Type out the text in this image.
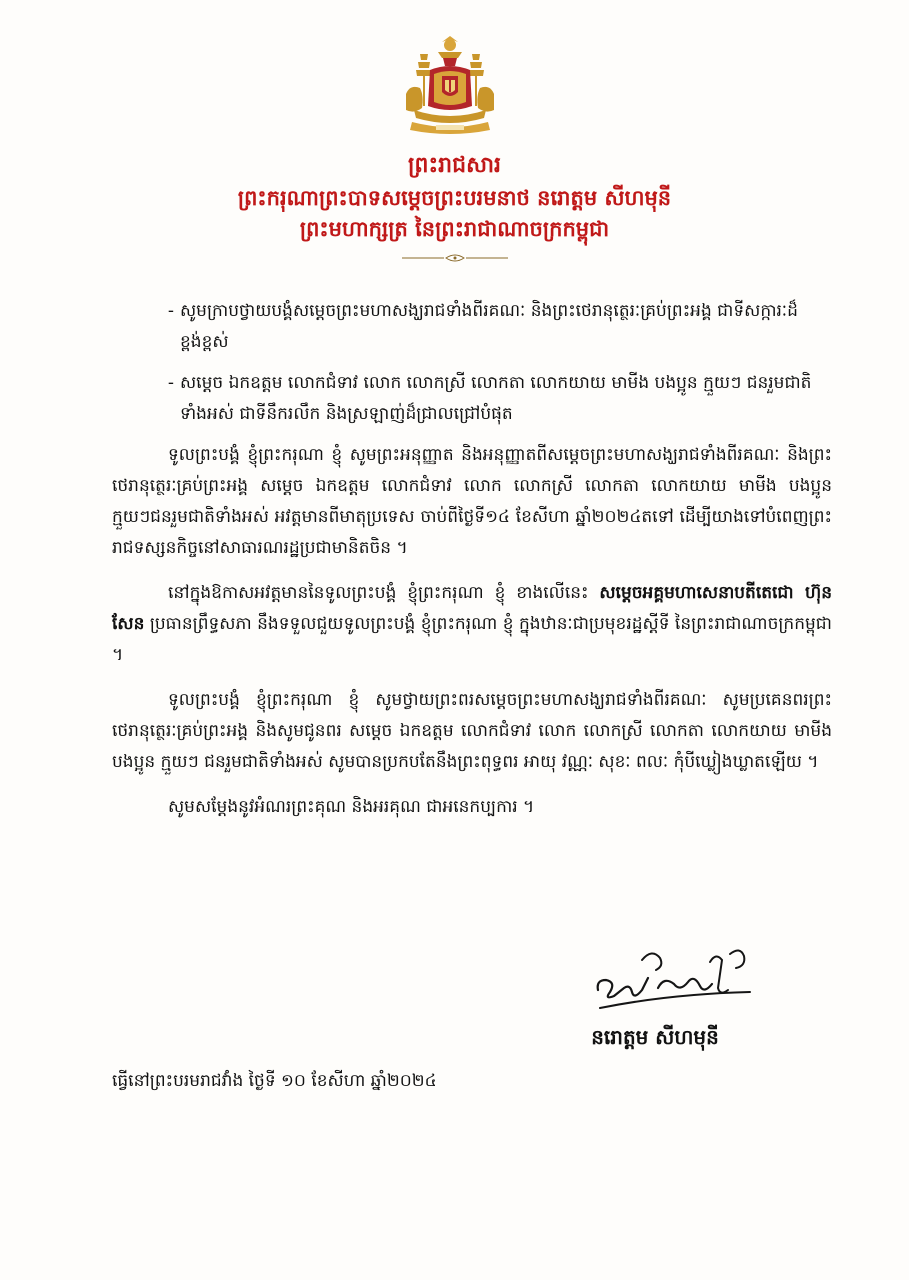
ព្រះរាជសារ
ព្រះករុណាព្រះបាទសម្តេចព្រះបរមនាថ នរោត្តម សីហមុនី
ព្រះមហាក្សត្រ នៃព្រះរាជាណាចក្រកម្ពុជា
- សូមក្រាបថ្វាយបង្គំសម្តេចព្រះមហាសង្ឃរាជទាំងពីរគណៈ និងព្រះថេរានុត្ថេរៈគ្រប់ព្រះអង្គ ជាទីសក្ការៈដ៏ខ្ពង់ខ្ពស់
- សម្តេច ឯកឧត្តម លោកជំទាវ លោក លោកស្រី លោកតា លោកយាយ មាមីង បងប្អូន ក្មួយៗ ជនរួមជាតិទាំងអស់ ជាទីនឹករលឹក និងស្រឡាញ់ដ៏ជ្រាលជ្រៅបំផុត

ទូលព្រះបង្គំ ខ្ញុំព្រះករុណា ខ្ញុំ សូមព្រះអនុញ្ញាត និងអនុញ្ញាតពីសម្តេចព្រះមហាសង្ឃរាជទាំងពីរគណៈ និងព្រះថេរានុត្ថេរៈគ្រប់ព្រះអង្គ សម្តេច ឯកឧត្តម លោកជំទាវ លោក លោកស្រី លោកតា លោកយាយ មាមីង បងប្អូន ក្មួយៗជនរួមជាតិទាំងអស់ អវត្តមានពីមាតុប្រទេស ចាប់ពីថ្ងៃទី១៤ ខែសីហា ឆ្នាំ២០២៤តទៅ ដើម្បីយាងទៅបំពេញព្រះរាជទស្សនកិច្ចនៅសាធារណរដ្ឋប្រជាមានិតចិន ។

នៅក្នុងឱកាសអវត្តមាននៃទូលព្រះបង្គំ ខ្ញុំព្រះករុណា ខ្ញុំ ខាងលើនេះ សម្តេចអគ្គមហាសេនាបតីតេជោ ហ៊ុន សែន ប្រធានព្រឹទ្ធសភា នឹងទទួលជួយទូលព្រះបង្គំ ខ្ញុំព្រះករុណា ខ្ញុំ ក្នុងឋានៈជាប្រមុខរដ្ឋស្តីទី នៃព្រះរាជាណាចក្រកម្ពុជា ។

ទូលព្រះបង្គំ ខ្ញុំព្រះករុណា ខ្ញុំ សូមថ្វាយព្រះពរសម្តេចព្រះមហាសង្ឃរាជទាំងពីរគណៈ សូមប្រគេនពរព្រះថេរានុត្ថេរៈគ្រប់ព្រះអង្គ និងសូមជូនពរ សម្តេច ឯកឧត្តម លោកជំទាវ លោក លោកស្រី លោកតា លោកយាយ មាមីង បងប្អូន ក្មួយៗ ជនរួមជាតិទាំងអស់ សូមបានប្រកបតែនឹងព្រះពុទ្ធពរ អាយុ វណ្ណៈ សុខៈ ពលៈ កុំបីឃ្លៀងឃ្លាតឡើយ ។

សូមសម្តែងនូវអំណរព្រះគុណ និងអរគុណ ជាអនេកប្បការ ។

នរោត្តម សីហមុនី
ធ្វើនៅព្រះបរមរាជវាំង ថ្ងៃទី ១០ ខែសីហា ឆ្នាំ២០២៤
